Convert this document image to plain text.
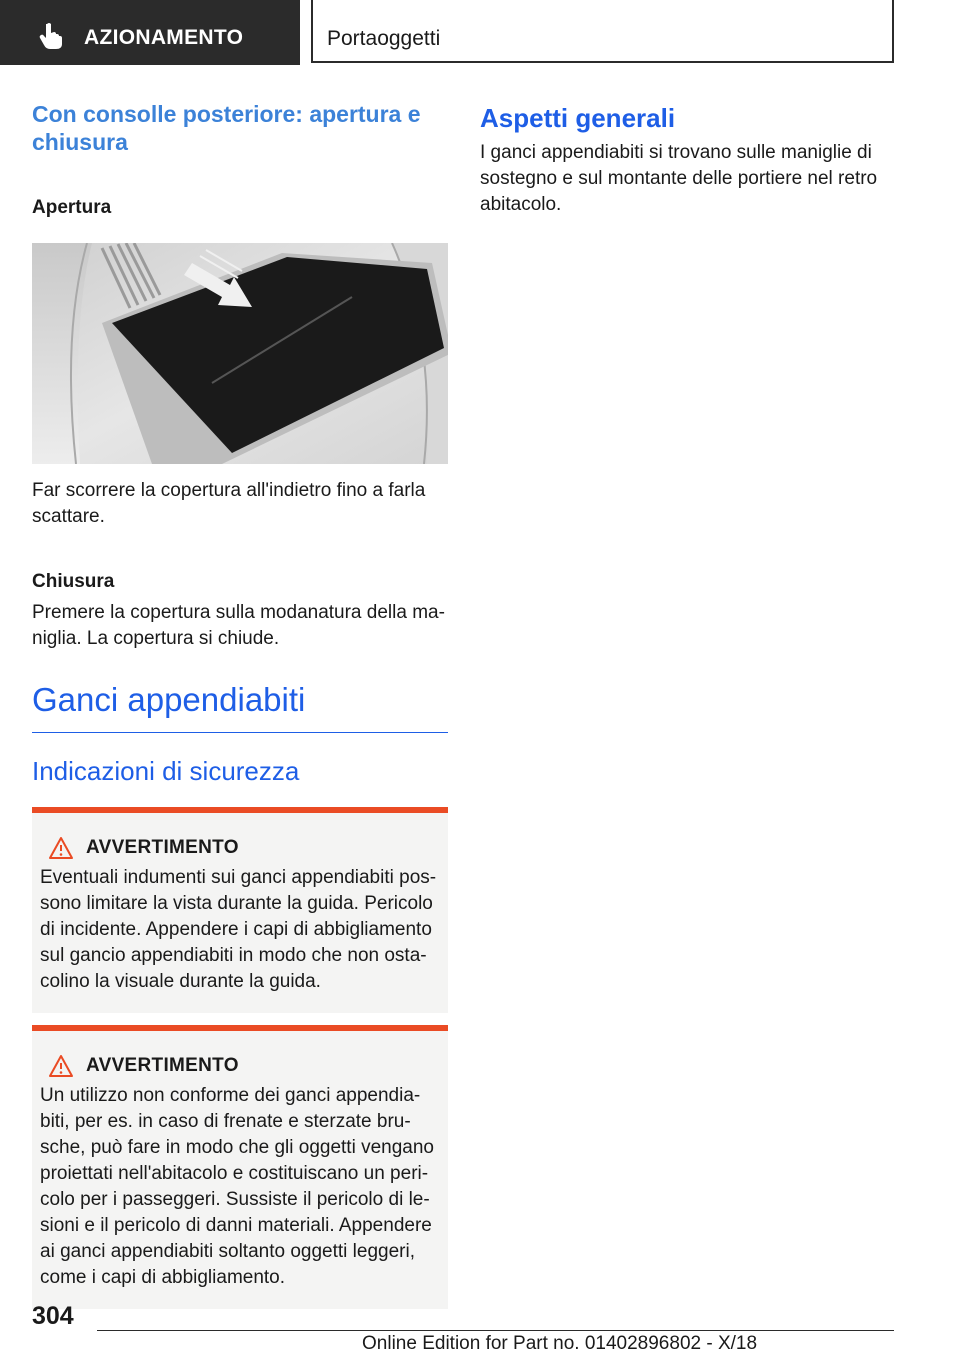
AZIONAMENTO	Portaoggetti
Con consolle posteriore: apertura e chiusura
Apertura

Far scorrere la copertura all'indietro fino a farla scattare.

Chiusura

Premere la copertura sulla modanatura della ma-niglia. La copertura si chiude.

Ganci appendiabiti
Indicazioni di sicurezza
AVVERTIMENTO

Eventuali indumenti sui ganci appendiabiti pos-sono limitare la vista durante la guida. Pericolo di incidente. Appendere i capi di abbigliamento sul gancio appendiabiti in modo che non osta-colino la visuale durante la guida.

AVVERTIMENTO

Un utilizzo non conforme dei ganci appendia-biti, per es. in caso di frenate e sterzate bru-sche, può fare in modo che gli oggetti vengano proiettati nell'abitacolo e costituiscano un peri-colo per i passeggeri. Sussiste il pericolo di le-sioni e il pericolo di danni materiali. Appendere ai ganci appendiabiti soltanto oggetti leggeri, come i capi di abbigliamento.

Aspetti generali

I ganci appendiabiti si trovano sulle maniglie di sostegno e sul montante delle portiere nel retro abitacolo.

304
Online Edition for Part no. 01402896802 - X/18
